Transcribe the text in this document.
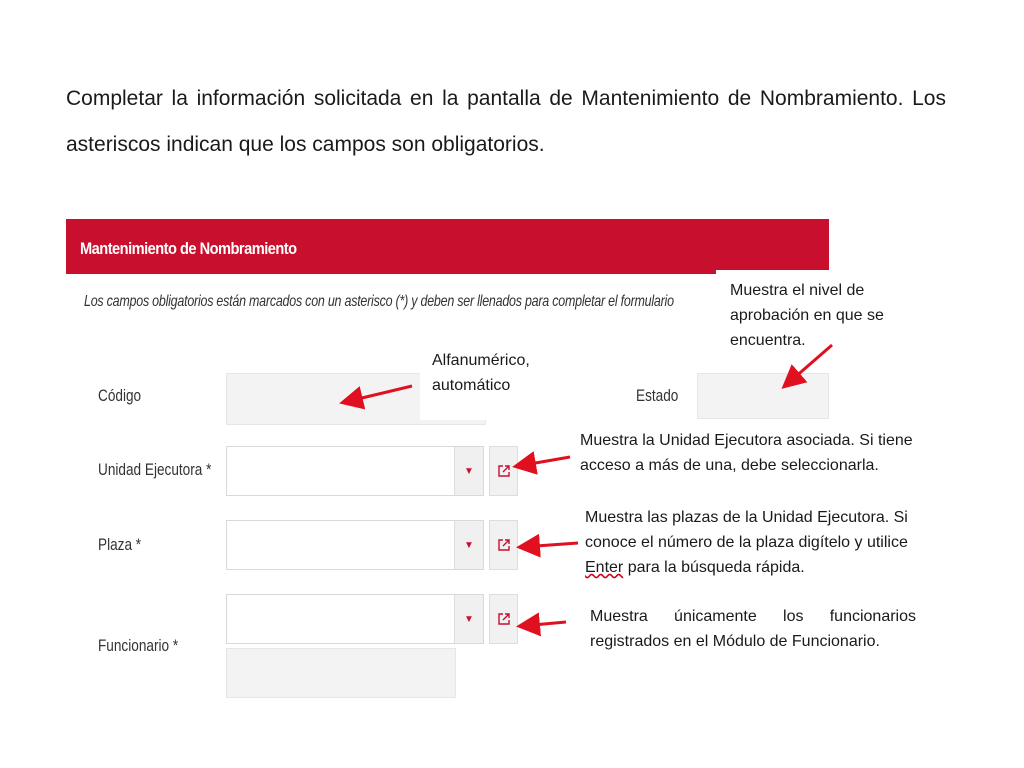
Completar la información solicitada en la pantalla de Mantenimiento de Nombramiento. Los asteriscos indican que los campos son obligatorios.

Mantenimiento de Nombramiento
Los campos obligatorios están marcados con un asterisco (*) y deben ser llenados para completar el formulario
Código	Estado
Unidad Ejecutora *	▼
Plaza *	▼
Funcionario *
▼
Muestra el nivel de
aprobación en que se
encuentra.
Alfanumérico,
automático
Muestra la Unidad Ejecutora asociada. Si tiene
acceso a más de una, debe seleccionarla.
Muestra las plazas de la Unidad Ejecutora. Si
conoce el número de la plaza digítelo y utilice
Enter para la búsqueda rápida.
Muestra únicamente los funcionarios
registrados en el Módulo de Funcionario.
